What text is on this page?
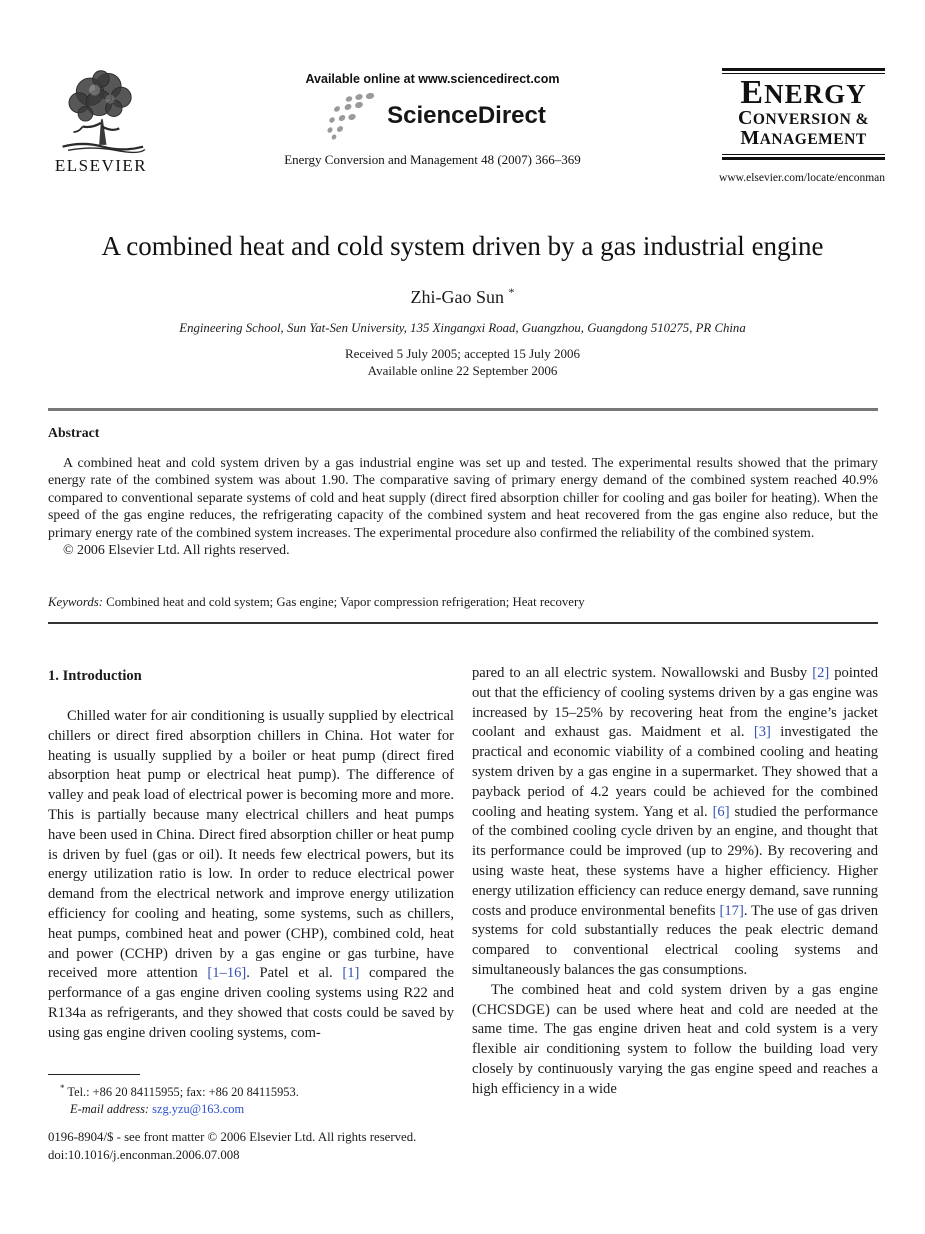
ELSEVIER
Available online at www.sciencedirect.com
ScienceDirect
Energy Conversion and Management 48 (2007) 366–369
ENERGY
CONVERSION &
MANAGEMENT
www.elsevier.com/locate/enconman
A combined heat and cold system driven by a gas industrial engine
Zhi-Gao Sun *
Engineering School, Sun Yat-Sen University, 135 Xingangxi Road, Guangzhou, Guangdong 510275, PR China
Received 5 July 2005; accepted 15 July 2006
Available online 22 September 2006
Abstract

A combined heat and cold system driven by a gas industrial engine was set up and tested. The experimental results showed that the primary energy rate of the combined system was about 1.90. The comparative saving of primary energy demand of the combined system reached 40.9% compared to conventional separate systems of cold and heat supply (direct fired absorption chiller for cooling and gas boiler for heating). When the speed of the gas engine reduces, the refrigerating capacity of the combined system and heat recovered from the gas engine also reduce, but the primary energy rate of the combined system increases. The experimental procedure also confirmed the reliability of the combined system.

© 2006 Elsevier Ltd. All rights reserved.

Keywords: Combined heat and cold system; Gas engine; Vapor compression refrigeration; Heat recovery
1. Introduction

Chilled water for air conditioning is usually supplied by electrical chillers or direct fired absorption chillers in China. Hot water for heating is usually supplied by a boiler or heat pump (direct fired absorption heat pump or electrical heat pump). The difference of valley and peak load of electrical power is becoming more and more. This is partially because many electrical chillers and heat pumps have been used in China. Direct fired absorption chiller or heat pump is driven by fuel (gas or oil). It needs few electrical powers, but its energy utilization ratio is low. In order to reduce electrical power demand from the electrical network and improve energy utilization efficiency for cooling and heating, some systems, such as chillers, heat pumps, combined heat and power (CHP), combined cold, heat and power (CCHP) driven by a gas engine or gas turbine, have received more attention [1–16]. Patel et al. [1] compared the performance of a gas engine driven cooling systems using R22 and R134a as refrigerants, and they showed that costs could be saved by using gas engine driven cooling systems, com-

pared to an all electric system. Nowallowski and Busby [2] pointed out that the efficiency of cooling systems driven by a gas engine was increased by 15–25% by recovering heat from the engine’s jacket coolant and exhaust gas. Maidment et al. [3] investigated the practical and economic viability of a combined cooling and heating system driven by a gas engine in a supermarket. They showed that a payback period of 4.2 years could be achieved for the combined cooling and heating system. Yang et al. [6] studied the performance of the combined cooling cycle driven by an engine, and thought that its performance could be improved (up to 29%). By recovering and using waste heat, these systems have a higher efficiency. Higher energy utilization efficiency can reduce energy demand, save running costs and produce environmental benefits [17]. The use of gas driven systems for cold substantially reduces the peak electric demand compared to conventional electrical cooling systems and simultaneously balances the gas consumptions.

The combined heat and cold system driven by a gas engine (CHCSDGE) can be used where heat and cold are needed at the same time. The gas engine driven heat and cold system is a very flexible air conditioning system to follow the building load very closely by continuously varying the gas engine speed and reaches a high efficiency in a wide

* Tel.: +86 20 84115955; fax: +86 20 84115953.
E-mail address: szg.yzu@163.com
0196-8904/$ - see front matter © 2006 Elsevier Ltd. All rights reserved.
doi:10.1016/j.enconman.2006.07.008
